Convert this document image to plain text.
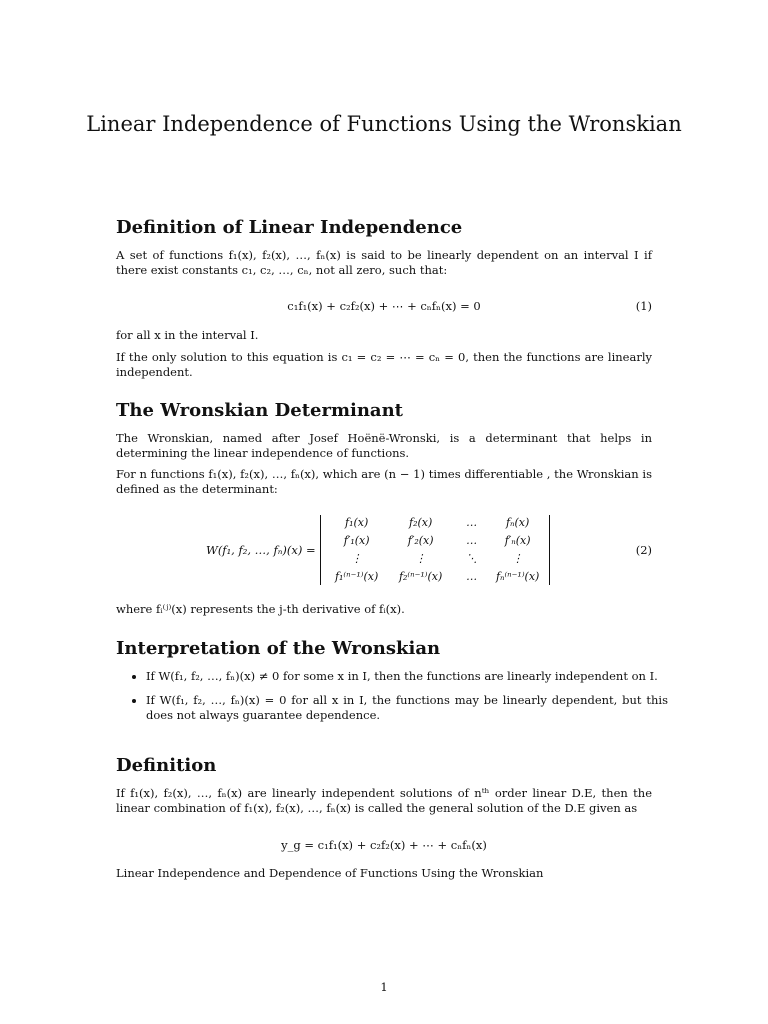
Linear Independence of Functions Using the Wronskian
Definition of Linear Independence

A set of functions f₁(x), f₂(x), …, fₙ(x) is said to be linearly dependent on an interval I if there exist constants c₁, c₂, …, cₙ, not all zero, such that:

c₁f₁(x) + c₂f₂(x) + ⋯ + cₙfₙ(x) = 0	(1)

for all x in the interval I.

If the only solution to this equation is c₁ = c₂ = ⋯ = cₙ = 0, then the functions are linearly independent.

The Wronskian Determinant

The Wronskian, named after Josef Hoënë-Wronski, is a determinant that helps in determining the linear independence of functions.

For n functions f₁(x), f₂(x), …, fₙ(x), which are (n − 1) times differentiable , the Wronskian is defined as the determinant:

W(f₁, f₂, …, fₙ)(x) =
f₁(x)	f₂(x)	…	fₙ(x)
f′₁(x)	f′₂(x)	…	f′ₙ(x)
⋮	⋮	⋱	⋮
f₁⁽ⁿ⁻¹⁾(x)	f₂⁽ⁿ⁻¹⁾(x)	…	fₙ⁽ⁿ⁻¹⁾(x)
(2)

where fᵢ⁽ʲ⁾(x) represents the j-th derivative of fᵢ(x).

Interpretation of the Wronskian
• If W(f₁, f₂, …, fₙ)(x) ≠ 0 for some x in I, then the functions are linearly independent on I.
• If W(f₁, f₂, …, fₙ)(x) = 0 for all x in I, the functions may be linearly dependent, but this does not always guarantee dependence.
Definition

If f₁(x), f₂(x), …, fₙ(x) are linearly independent solutions of nᵗʰ order linear D.E, then the linear combination of f₁(x), f₂(x), …, fₙ(x) is called the general solution of the D.E given as

y_g = c₁f₁(x) + c₂f₂(x) + ⋯ + cₙfₙ(x)

Linear Independence and Dependence of Functions Using the Wronskian

1
